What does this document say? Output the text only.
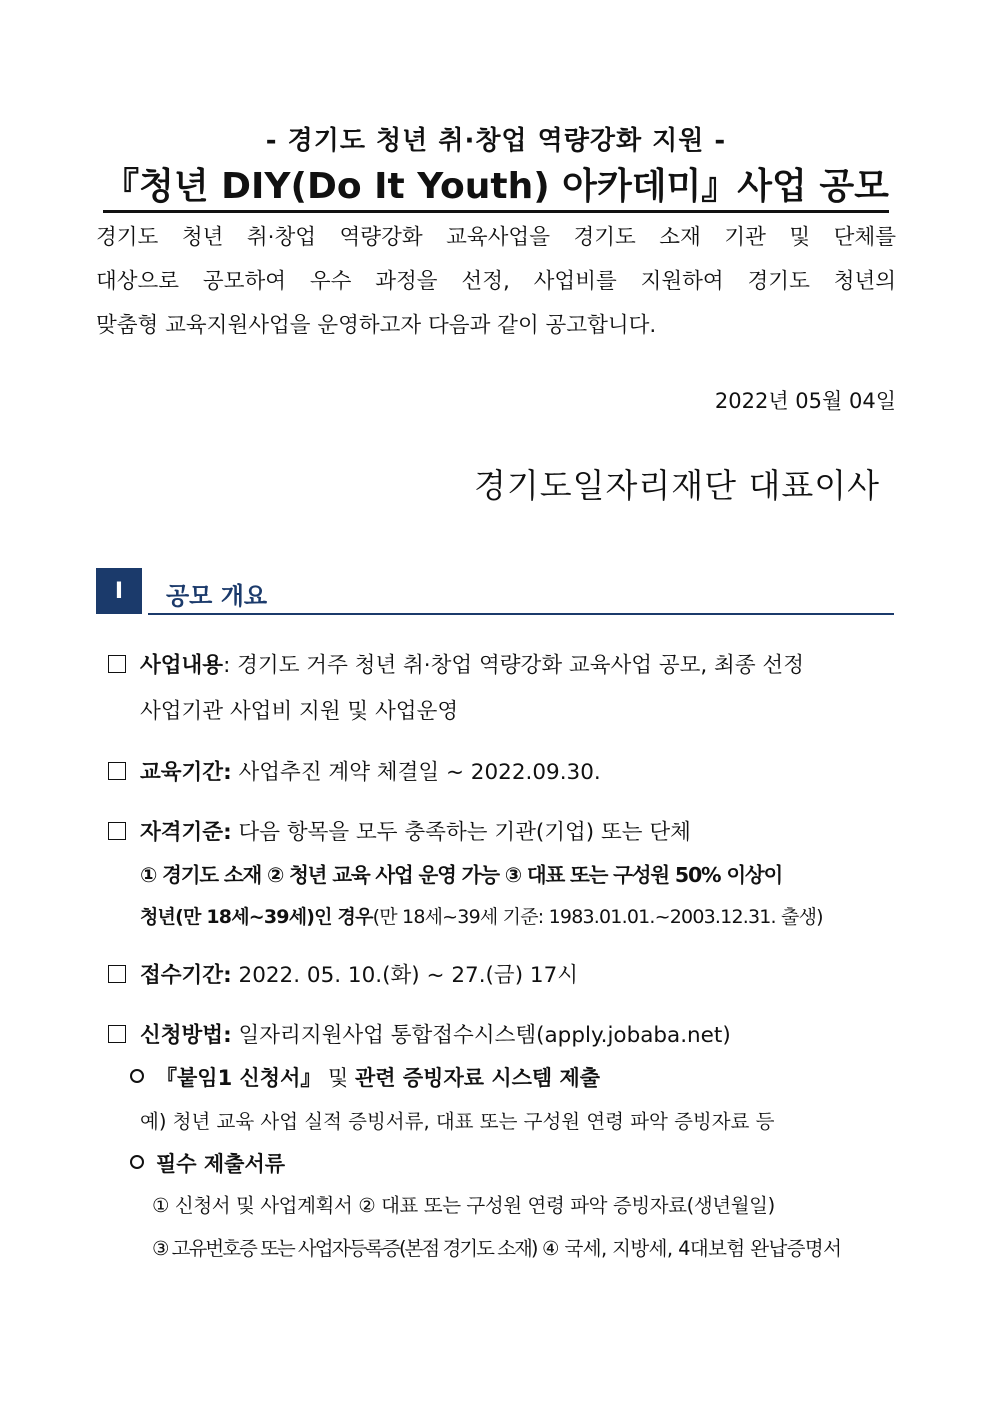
- 경기도 청년 취·창업 역량강화 지원 -
『청년 DIY(Do It Youth) 아카데미』사업 공모
경기도 청년 취·창업 역량강화 교육사업을 경기도 소재 기관 및 단체를
대상으로 공모하여 우수 과정을 선정, 사업비를 지원하여 경기도 청년의
맞춤형 교육지원사업을 운영하고자 다음과 같이 공고합니다.
2022년 05월 04일
경기도일자리재단 대표이사
I	공모 개요
사업내용: 경기도 거주 청년 취·창업 역량강화 교육사업 공모, 최종 선정
사업기관 사업비 지원 및 사업운영
교육기간: 사업추진 계약 체결일 ~ 2022.09.30.
자격기준: 다음 항목을 모두 충족하는 기관(기업) 또는 단체
① 경기도 소재 ② 청년 교육 사업 운영 가능 ③ 대표 또는 구성원 50% 이상이
청년(만 18세~39세)인 경우(만 18세~39세 기준: 1983.01.01.~2003.12.31. 출생)
접수기간: 2022. 05. 10.(화) ~ 27.(금) 17시
신청방법: 일자리지원사업 통합접수시스템(apply.jobaba.net)
『붙임1 신청서』 및 관련 증빙자료 시스템 제출
예) 청년 교육 사업 실적 증빙서류, 대표 또는 구성원 연령 파악 증빙자료 등
필수 제출서류
① 신청서 및 사업계획서 ② 대표 또는 구성원 연령 파악 증빙자료(생년월일)
③ 고유번호증 또는 사업자등록증(본점 경기도 소재) ④ 국세, 지방세, 4대보험 완납증명서
